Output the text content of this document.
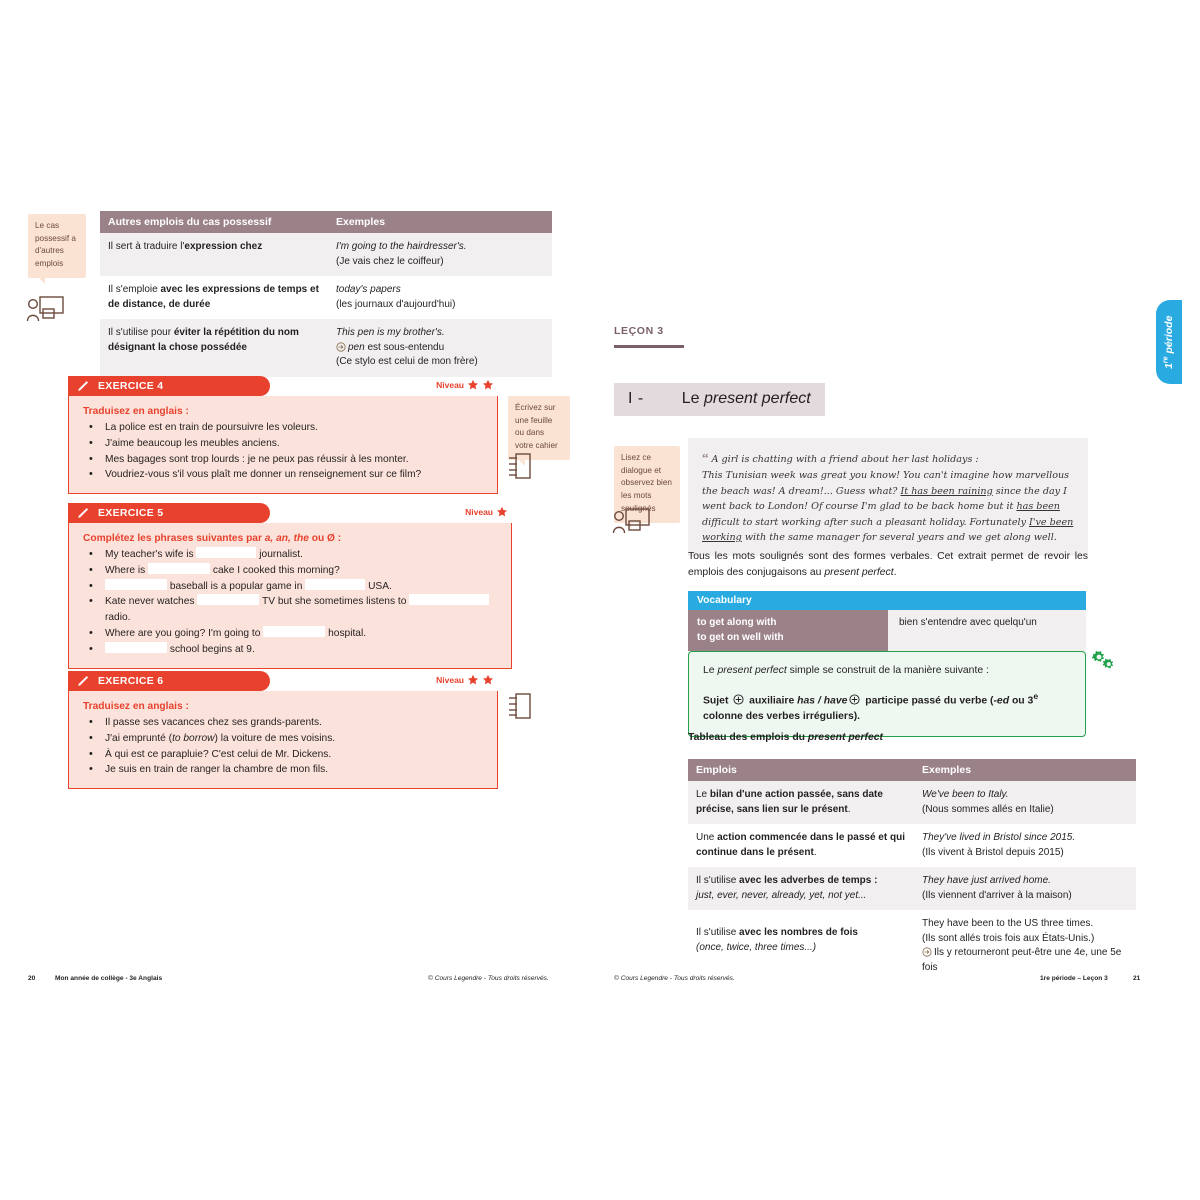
Le cas possessif a d'autres emplois
Autres emplois du cas possessif	Exemples
Il sert à traduire l'expression chez	I'm going to the hairdresser's.
(Je vais chez le coiffeur)
Il s'emploie avec les expressions de temps et de distance, de durée	today's papers
(les journaux d'aujourd'hui)
Il s'utilise pour éviter la répétition du nom désignant la chose possédée	This pen is my brother's.
pen est sous-entendu
(Ce stylo est celui de mon frère)
EXERCICE 4	Niveau
Traduisez en anglais :
• La police est en train de poursuivre les voleurs.
• J'aime beaucoup les meubles anciens.
• Mes bagages sont trop lourds : je ne peux pas réussir à les monter.
• Voudriez-vous s'il vous plaît me donner un renseignement sur ce film?
Écrivez sur une feuille ou dans votre cahier
EXERCICE 5	Niveau
Complétez les phrases suivantes par a, an, the ou Ø :
• My teacher's wife is	journalist.
• Where is	cake I cooked this morning?
• baseball is a popular game in	USA.
• Kate never watches	TV but she sometimes listens to  radio.
• Where are you going? I'm going to	hospital.
• school begins at 9.
EXERCICE 6	Niveau
Traduisez en anglais :
• Il passe ses vacances chez ses grands-parents.
• J'ai emprunté (to borrow) la voiture de mes voisins.
• À qui est ce parapluie? C'est celui de Mr. Dickens.
• Je suis en train de ranger la chambre de mon fils.
20	Mon année de collège - 3e Anglais	© Cours Legendre - Tous droits réservés.
LEÇON 3
I - Le present perfect
Lisez ce dialogue et observez bien les mots soulignés
“ A girl is chatting with a friend about her last holidays :
This Tunisian week was great you know! You can't imagine how marvellous the beach was! A dream!... Guess what? It has been raining since the day I went back to London! Of course I'm glad to be back home but it has been difficult to start working after such a pleasant holiday. Fortunately I've been working with the same manager for several years and we get along well.
Tous les mots soulignés sont des formes verbales. Cet extrait permet de revoir les emplois des conjugaisons au present perfect.
Vocabulary
to get along with
to get on well with
bien s'entendre avec quelqu'un

Le present perfect simple se construit de la manière suivante :

Sujet  auxiliaire has / have participe passé du verbe (-ed ou 3e colonne des verbes irréguliers).

Tableau des emplois du present perfect
Emplois	Exemples
Le bilan d'une action passée, sans date précise, sans lien sur le présent.	We've been to Italy.
(Nous sommes allés en Italie)
Une action commencée dans le passé et qui continue dans le présent.	They've lived in Bristol since 2015.
(Ils vivent à Bristol depuis 2015)
Il s'utilise avec les adverbes de temps :
just, ever, never, already, yet, not yet...	They have just arrived home.
(Ils viennent d'arriver à la maison)
Il s'utilise avec les nombres de fois
(once, twice, three times...)	They have been to the US three times.
(Ils sont allés trois fois aux États-Unis.)
Ils y retourneront peut-être une 4e, une 5e fois
1re période
© Cours Legendre - Tous droits réservés.	1re période – Leçon 3	21
